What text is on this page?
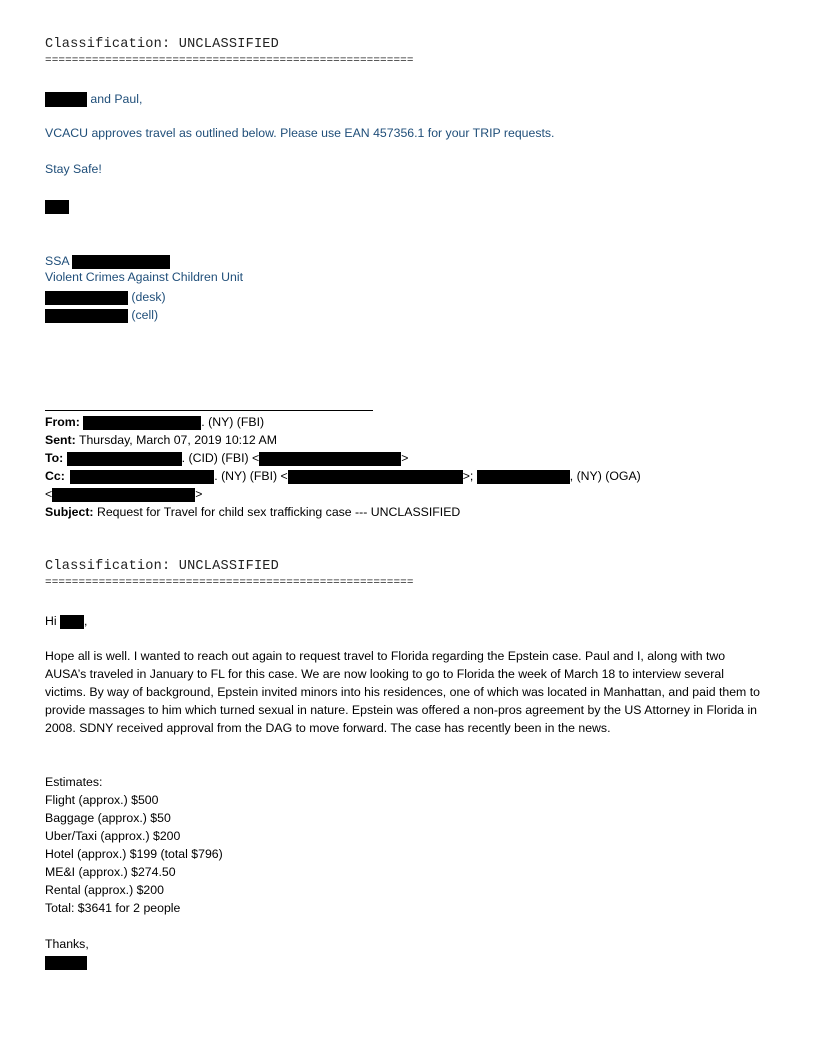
Classification: UNCLASSIFIED
=======================================================
and Paul,
VCACU approves travel as outlined below. Please use EAN 457356.1 for your TRIP requests.
Stay Safe!
SSA
Violent Crimes Against Children Unit
(desk)
(cell)
From:	. (NY) (FBI)
Sent: Thursday, March 07, 2019 10:12 AM
To:	. (CID) (FBI) <	>
Cc:	. (NY) (FBI) <	>;	, (NY) (OGA)
<	>
Subject: Request for Travel for child sex trafficking case --- UNCLASSIFIED
Classification: UNCLASSIFIED
=======================================================
Hi ,
Hope all is well. I wanted to reach out again to request travel to Florida regarding the Epstein case. Paul and I, along with two AUSA’s traveled in January to FL for this case. We are now looking to go to Florida the week of March 18 to interview several victims. By way of background, Epstein invited minors into his residences, one of which was located in Manhattan, and paid them to provide massages to him which turned sexual in nature. Epstein was offered a non-pros agreement by the US Attorney in Florida in 2008. SDNY received approval from the DAG to move forward. The case has recently been in the news.
Estimates:
Flight (approx.) $500
Baggage (approx.) $50
Uber/Taxi (approx.) $200
Hotel (approx.) $199 (total $796)
ME&I (approx.) $274.50
Rental (approx.) $200
Total: $3641 for 2 people
Thanks,
